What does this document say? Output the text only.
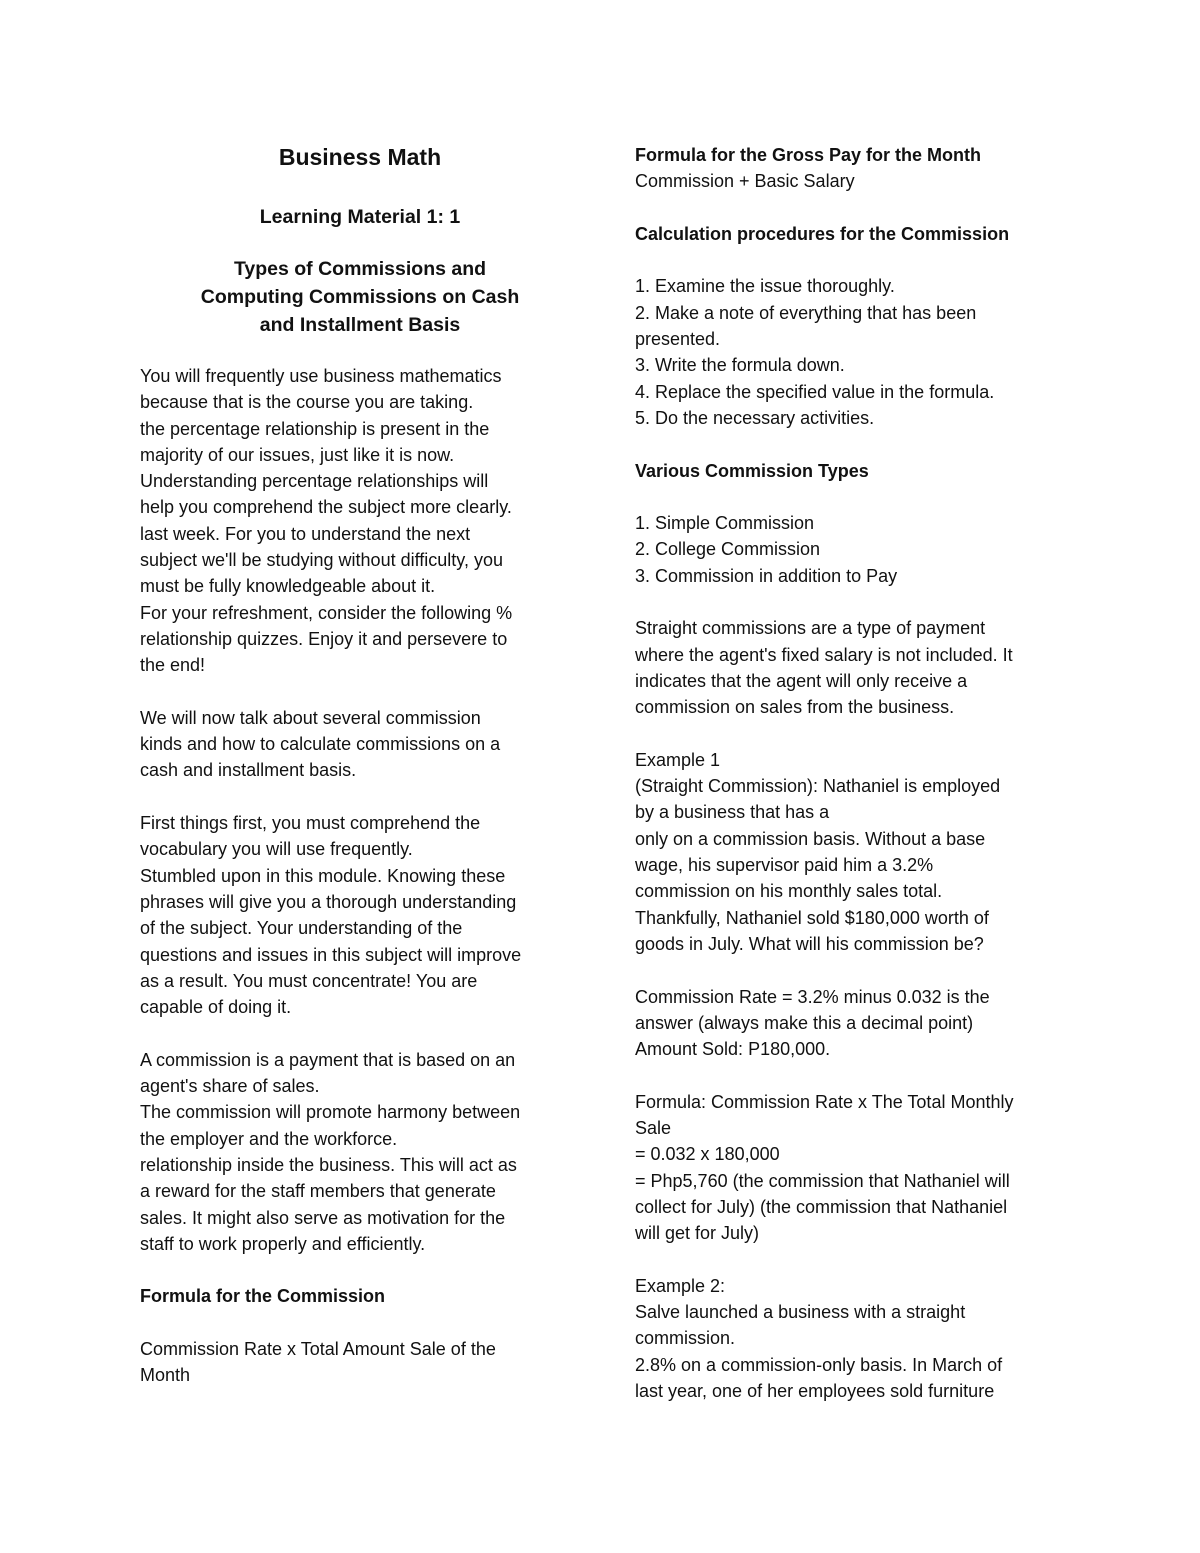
Business Math
Learning Material 1: 1
Types of Commissions and
Computing Commissions on Cash
and Installment Basis
You will frequently use business mathematics
because that is the course you are taking.
the percentage relationship is present in the
majority of our issues, just like it is now.
Understanding percentage relationships will
help you comprehend the subject more clearly.
last week. For you to understand the next
subject we'll be studying without difficulty, you
must be fully knowledgeable about it.
For your refreshment, consider the following %
relationship quizzes. Enjoy it and persevere to
the end!
We will now talk about several commission
kinds and how to calculate commissions on a
cash and installment basis.
First things first, you must comprehend the
vocabulary you will use frequently.
Stumbled upon in this module. Knowing these
phrases will give you a thorough understanding
of the subject. Your understanding of the
questions and issues in this subject will improve
as a result. You must concentrate! You are
capable of doing it.
A commission is a payment that is based on an
agent's share of sales.
The commission will promote harmony between
the employer and the workforce.
relationship inside the business. This will act as
a reward for the staff members that generate
sales. It might also serve as motivation for the
staff to work properly and efficiently.
Formula for the Commission
Commission Rate x Total Amount Sale of the
Month
Formula for the Gross Pay for the Month
Commission + Basic Salary
Calculation procedures for the Commission
1. Examine the issue thoroughly.
2. Make a note of everything that has been
presented.
3. Write the formula down.
4. Replace the specified value in the formula.
5. Do the necessary activities.
Various Commission Types
1. Simple Commission
2. College Commission
3. Commission in addition to Pay
Straight commissions are a type of payment
where the agent's fixed salary is not included. It
indicates that the agent will only receive a
commission on sales from the business.
Example 1
(Straight Commission): Nathaniel is employed
by a business that has a
only on a commission basis. Without a base
wage, his supervisor paid him a 3.2%
commission on his monthly sales total.
Thankfully, Nathaniel sold $180,000 worth of
goods in July. What will his commission be?
Commission Rate = 3.2% minus 0.032 is the
answer (always make this a decimal point)
Amount Sold: P180,000.
Formula: Commission Rate x The Total Monthly
Sale
= 0.032 x 180,000
= Php5,760 (the commission that Nathaniel will
collect for July) (the commission that Nathaniel
will get for July)
Example 2:
Salve launched a business with a straight
commission.
2.8% on a commission-only basis. In March of
last year, one of her employees sold furniture
